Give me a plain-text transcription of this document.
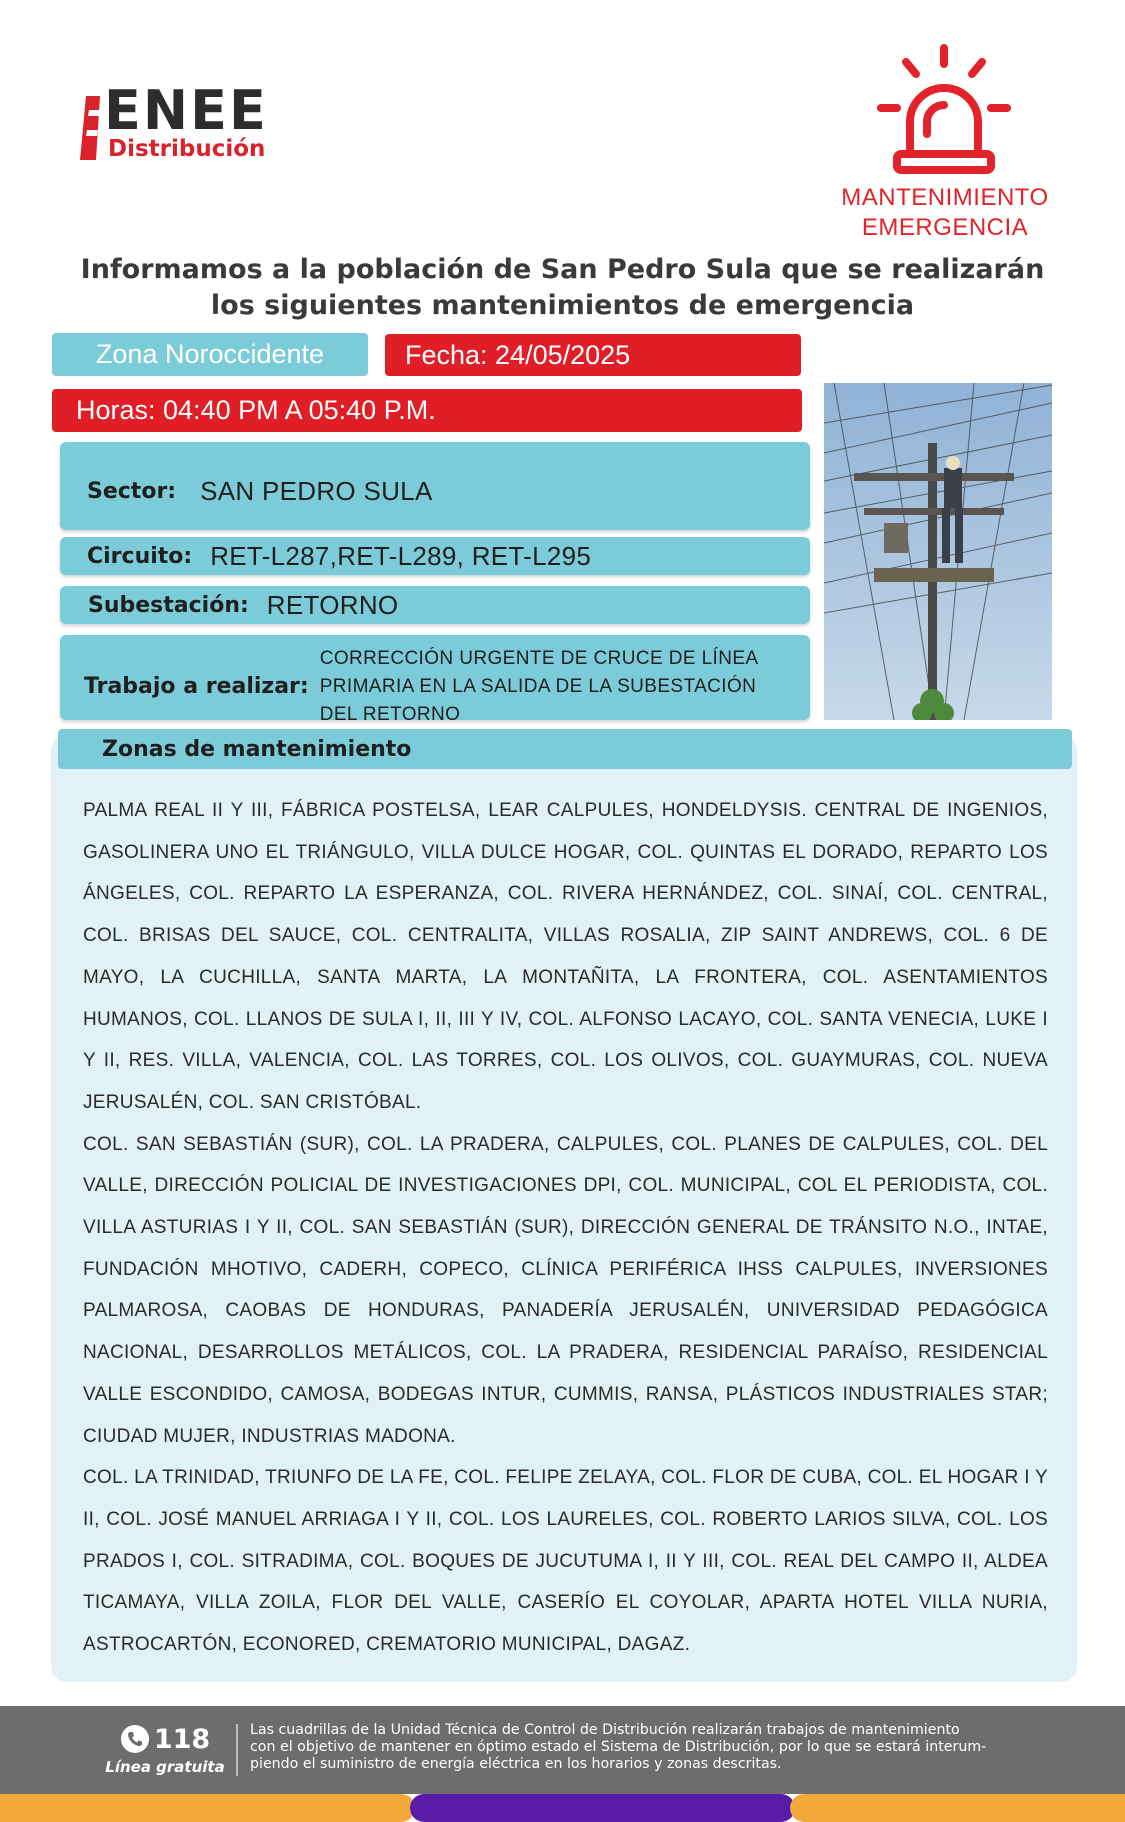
ENEE
Distribución
MANTENIMIENTO
EMERGENCIA
Informamos a la población de San Pedro Sula que se realizarán
los siguientes mantenimientos de emergencia
Zona Noroccidente	Fecha: 24/05/2025
Horas: 04:40 PM A 05:40 P.M.
Sector: SAN PEDRO SULA
Circuito: RET-L287,RET-L289, RET-L295
Subestación: RETORNO
Trabajo a realizar:
CORRECCIÓN URGENTE DE CRUCE DE LÍNEA PRIMARIA EN LA SALIDA DE LA SUBESTACIÓN DEL RETORNO
Zonas de mantenimiento

PALMA REAL II Y III, FÁBRICA POSTELSA, LEAR CALPULES, HONDELDYSIS. CENTRAL DE INGENIOS, GASOLINERA UNO EL TRIÁNGULO, VILLA DULCE HOGAR, COL. QUINTAS EL DORADO, REPARTO LOS ÁNGELES, COL. REPARTO LA ESPERANZA, COL. RIVERA HERNÁNDEZ, COL. SINAÍ, COL. CENTRAL, COL. BRISAS DEL SAUCE, COL. CENTRALITA, VILLAS ROSALIA, ZIP SAINT ANDREWS, COL. 6 DE MAYO, LA CUCHILLA, SANTA MARTA, LA MONTAÑITA, LA FRONTERA, COL. ASENTAMIENTOS HUMANOS, COL. LLANOS DE SULA I, II, III Y IV, COL. ALFONSO LACAYO, COL. SANTA VENECIA, LUKE I Y II, RES. VILLA, VALENCIA, COL. LAS TORRES, COL. LOS OLIVOS, COL. GUAYMURAS, COL. NUEVA JERUSALÉN, COL. SAN CRISTÓBAL.

COL. SAN SEBASTIÁN (SUR), COL. LA PRADERA, CALPULES, COL. PLANES DE CALPULES, COL. DEL VALLE, DIRECCIÓN POLICIAL DE INVESTIGACIONES DPI, COL. MUNICIPAL, COL EL PERIODISTA, COL. VILLA ASTURIAS I Y II, COL. SAN SEBASTIÁN (SUR), DIRECCIÓN GENERAL DE TRÁNSITO N.O., INTAE, FUNDACIÓN MHOTIVO, CADERH, COPECO, CLÍNICA PERIFÉRICA IHSS CALPULES, INVERSIONES PALMAROSA, CAOBAS DE HONDURAS, PANADERÍA JERUSALÉN, UNIVERSIDAD PEDAGÓGICA NACIONAL, DESARROLLOS METÁLICOS, COL. LA PRADERA, RESIDENCIAL PARAÍSO, RESIDENCIAL VALLE ESCONDIDO, CAMOSA, BODEGAS INTUR, CUMMIS, RANSA, PLÁSTICOS INDUSTRIALES STAR; CIUDAD MUJER, INDUSTRIAS MADONA.

COL. LA TRINIDAD, TRIUNFO DE LA FE, COL. FELIPE ZELAYA, COL. FLOR DE CUBA, COL. EL HOGAR I Y II, COL. JOSÉ MANUEL ARRIAGA I Y II, COL. LOS LAURELES, COL. ROBERTO LARIOS SILVA, COL. LOS PRADOS I, COL. SITRADIMA, COL. BOQUES DE JUCUTUMA I, II Y III, COL. REAL DEL CAMPO II, ALDEA TICAMAYA, VILLA ZOILA, FLOR DEL VALLE, CASERÍO EL COYOLAR, APARTA HOTEL VILLA NURIA, ASTROCARTÓN, ECONORED, CREMATORIO MUNICIPAL, DAGAZ.

118
Línea gratuita
Las cuadrillas de la Unidad Técnica de Control de Distribución realizarán trabajos de mantenimiento
con el objetivo de mantener en óptimo estado el Sistema de Distribución, por lo que se estará interum-
piendo el suministro de energía eléctrica en los horarios y zonas descritas.
